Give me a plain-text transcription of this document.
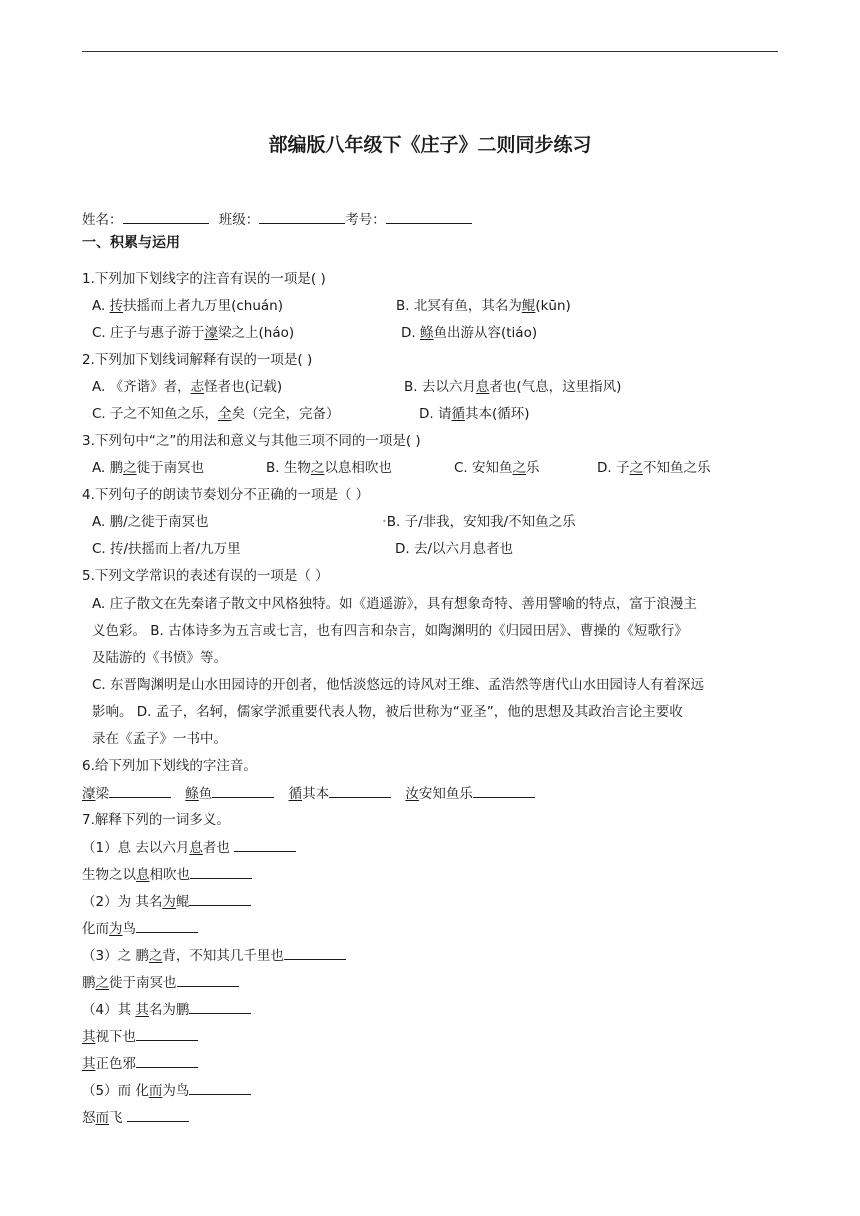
部编版八年级下《庄子》二则同步练习
姓名：	班级：	考号：
一、积累与运用
1.下列加下划线字的注音有误的一项是( )
A. 抟扶摇而上者九万里(chuán)	B. 北冥有鱼，其名为鲲(kūn)
C. 庄子与惠子游于濠梁之上(háo)	D. 鲦鱼出游从容(tiáo)
2.下列加下划线词解释有误的一项是( )
A. 《齐谐》者，志怪者也(记载)	B. 去以六月息者也(气息，这里指风)
C. 子之不知鱼之乐，全矣（完全，完备）	D. 请循其本(循环)
3.下列句中“之”的用法和意义与其他三项不同的一项是( )
A. 鹏之徙于南冥也	B. 生物之以息相吹也	C. 安知鱼之乐	D. 子之不知鱼之乐
4.下列句子的朗读节奏划分不正确的一项是（ ）
A. 鹏/之徙于南冥也	•B. 子/非我，安知我/不知鱼之乐
C. 抟/扶摇而上者/九万里	D. 去/以六月息者也
5.下列文学常识的表述有误的一项是（ ）
A. 庄子散文在先秦诸子散文中风格独特。如《逍遥游》，具有想象奇特、善用譬喻的特点，富于浪漫主
义色彩。 B. 古体诗多为五言或七言，也有四言和杂言，如陶渊明的《归园田居》、曹操的《短歌行》
及陆游的《书愤》等。
C. 东晋陶渊明是山水田园诗的开创者，他恬淡悠远的诗风对王维、孟浩然等唐代山水田园诗人有着深远
影响。 D. 孟子，名轲，儒家学派重要代表人物，被后世称为“亚圣”，他的思想及其政治言论主要收
录在《孟子》一书中。
6.给下列加下划线的字注音。
濠梁	鲦鱼	循其本	汝安知鱼乐
7.解释下列的一词多义。
（1）息 去以六月息者也
生物之以息相吹也
（2）为 其名为鲲
化而为鸟
（3）之 鹏之背，不知其几千里也
鹏之徙于南冥也
（4）其 其名为鹏
其视下也
其正色邪
（5）而 化而为鸟
怒而飞
